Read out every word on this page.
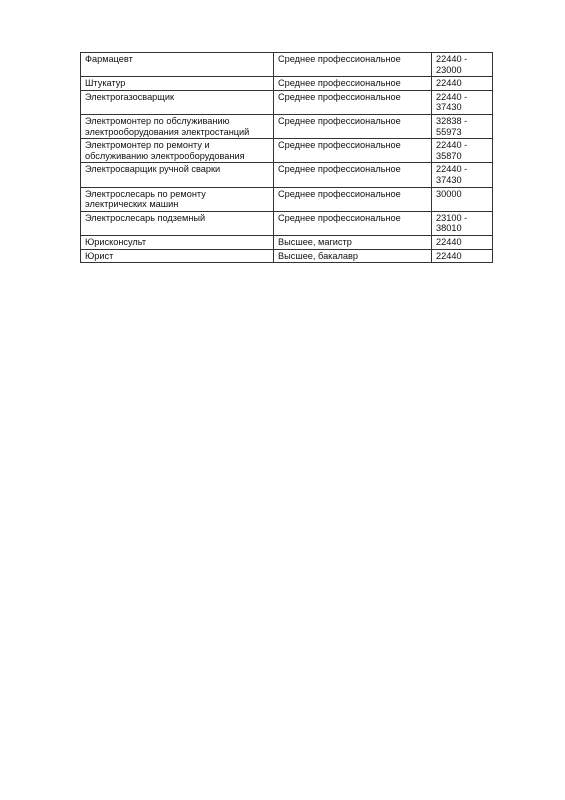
Фармацевт	Среднее профессиональное	22440 -
23000
Штукатур	Среднее профессиональное	22440
Электрогазосварщик	Среднее профессиональное	22440 -
37430
Электромонтер по обслуживанию
электрооборудования электростанций	Среднее профессиональное	32838 -
55973
Электромонтер по ремонту и
обслуживанию электрооборудования	Среднее профессиональное	22440 -
35870
Электросварщик ручной сварки	Среднее профессиональное	22440 -
37430
Электрослесарь по ремонту
электрических машин	Среднее профессиональное	30000
Электрослесарь подземный	Среднее профессиональное	23100 -
38010
Юрисконсульт	Высшее, магистр	22440
Юрист	Высшее, бакалавр	22440
